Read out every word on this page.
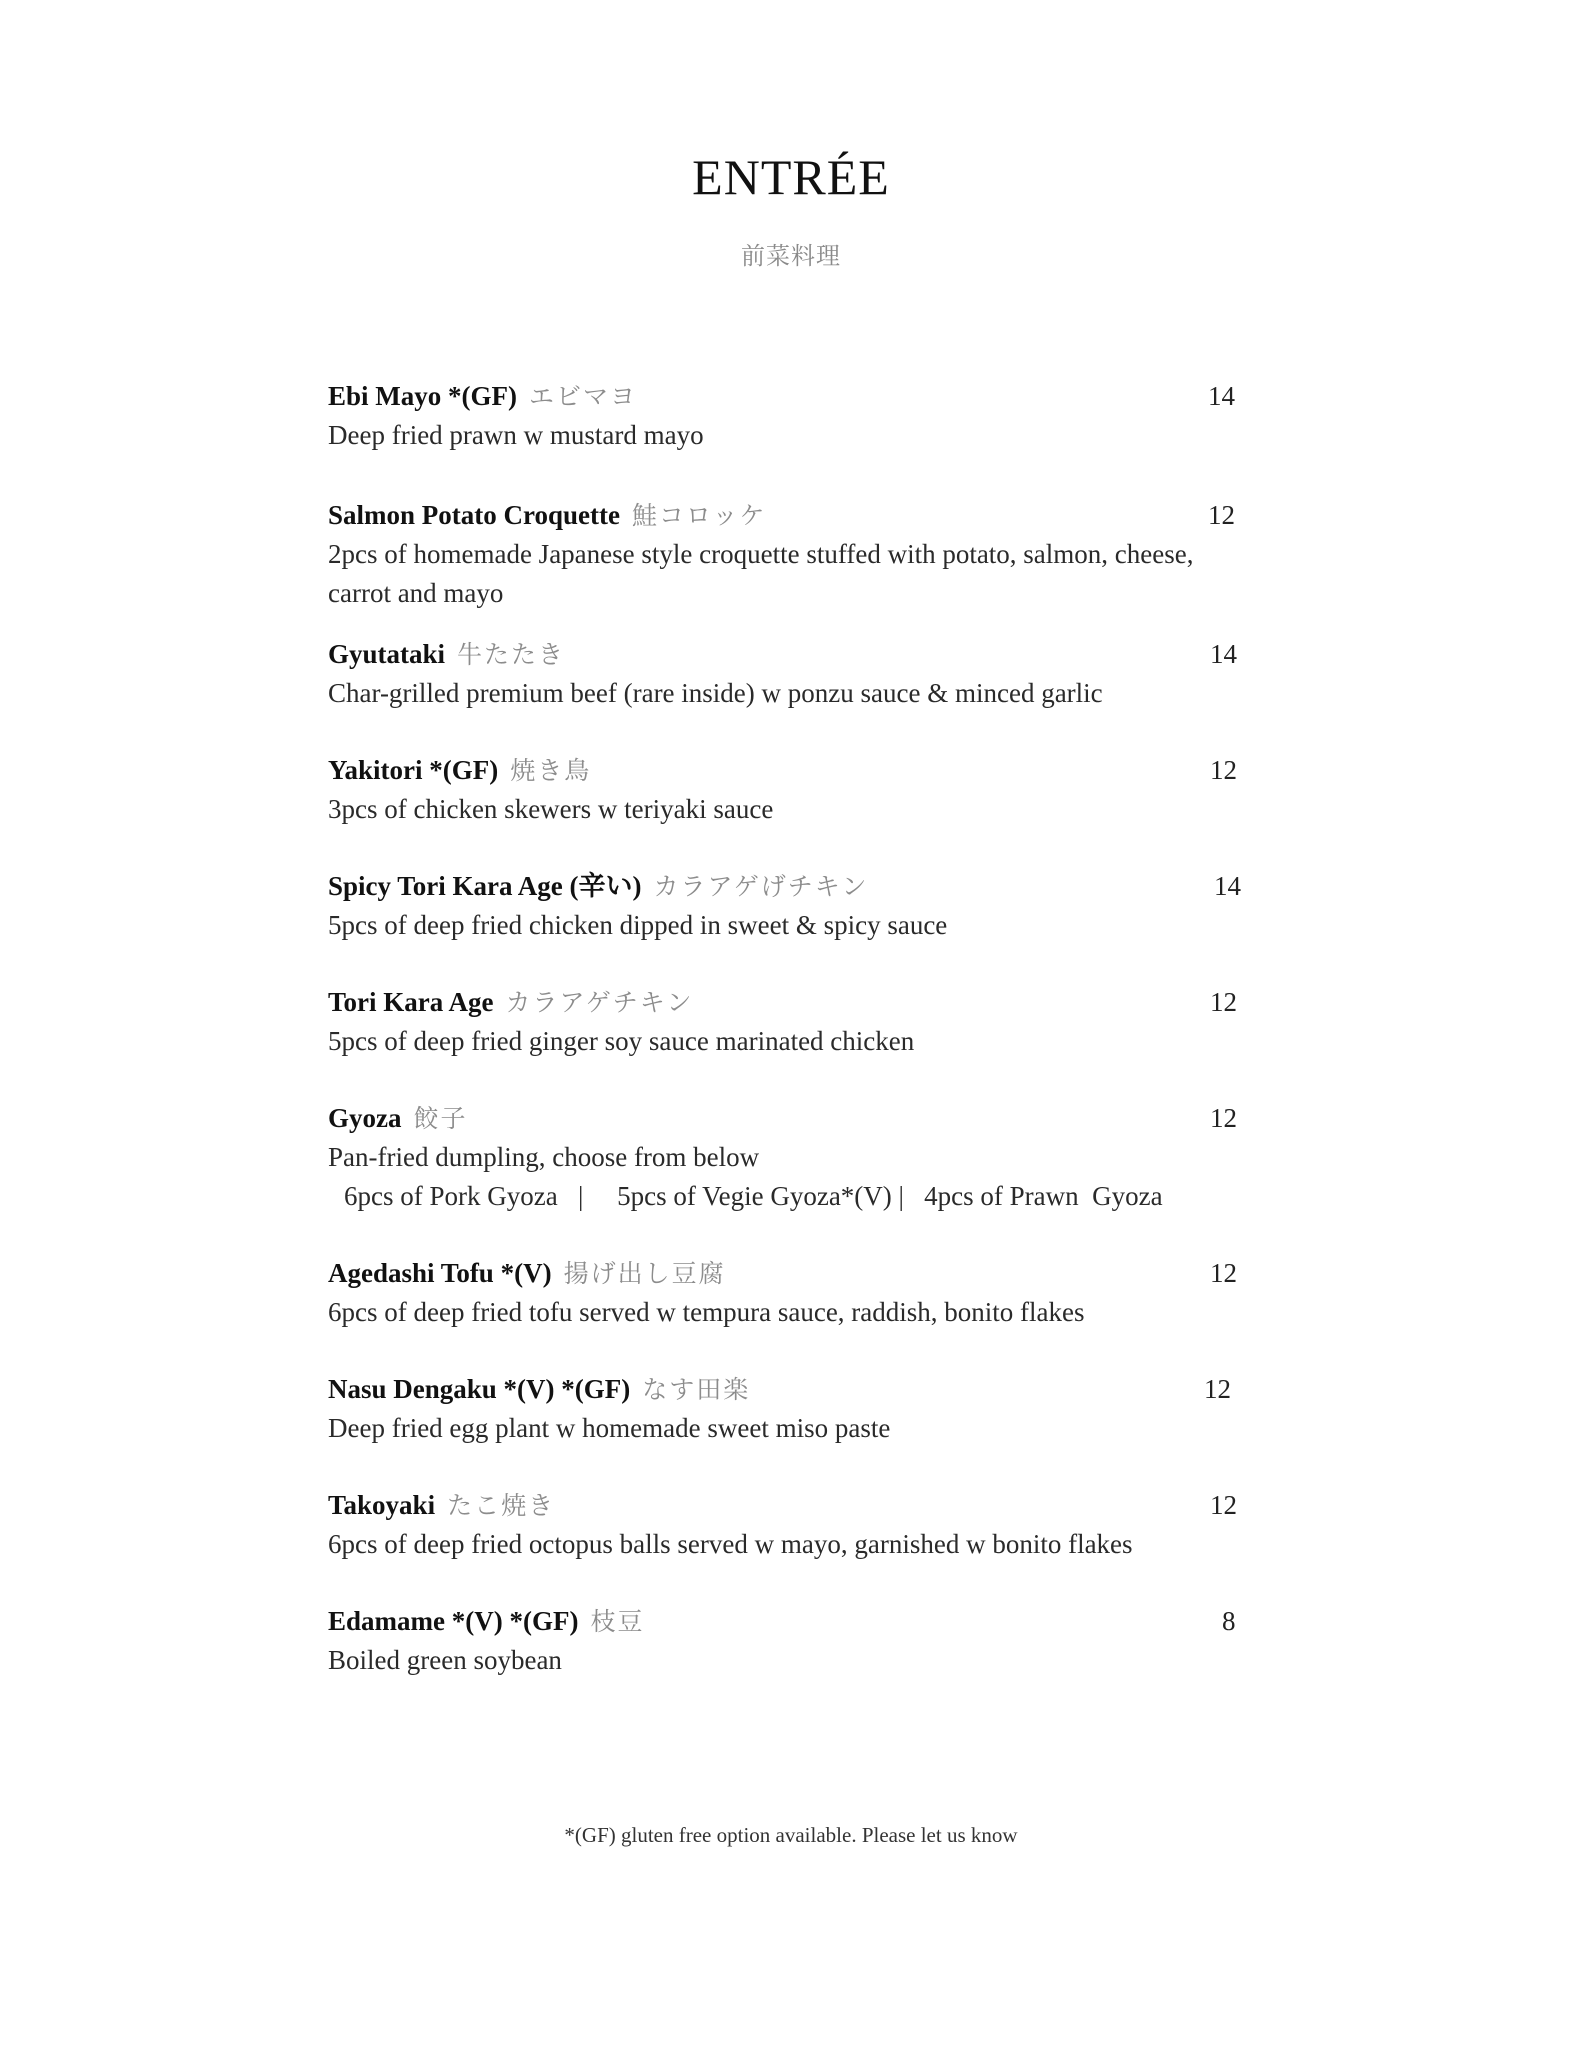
ENTRÉE
前菜料理
Ebi Mayo *(GF) エビマヨ	14
Deep fried prawn w mustard mayo
Salmon Potato Croquette 鮭コロッケ	12
2pcs of homemade Japanese style croquette stuffed with potato, salmon, cheese, carrot and mayo
Gyutataki 牛たたき	14
Char-grilled premium beef (rare inside) w ponzu sauce & minced garlic
Yakitori *(GF) 焼き鳥	12
3pcs of chicken skewers w teriyaki sauce
Spicy Tori Kara Age (辛い) カラアゲげチキン	14
5pcs of deep fried chicken dipped in sweet & spicy sauce
Tori Kara Age カラアゲチキン	12
5pcs of deep fried ginger soy sauce marinated chicken
Gyoza 餃子	12
Pan-fried dumpling, choose from below
6pcs of Pork Gyoza   |     5pcs of Vegie Gyoza*(V) |   4pcs of Prawn  Gyoza
Agedashi Tofu *(V) 揚げ出し豆腐	12
6pcs of deep fried tofu served w tempura sauce, raddish, bonito flakes
Nasu Dengaku *(V) *(GF) なす田楽	12
Deep fried egg plant w homemade sweet miso paste
Takoyaki たこ焼き	12
6pcs of deep fried octopus balls served w mayo, garnished w bonito flakes
Edamame *(V) *(GF) 枝豆	8
Boiled green soybean
*(GF) gluten free option available. Please let us know
